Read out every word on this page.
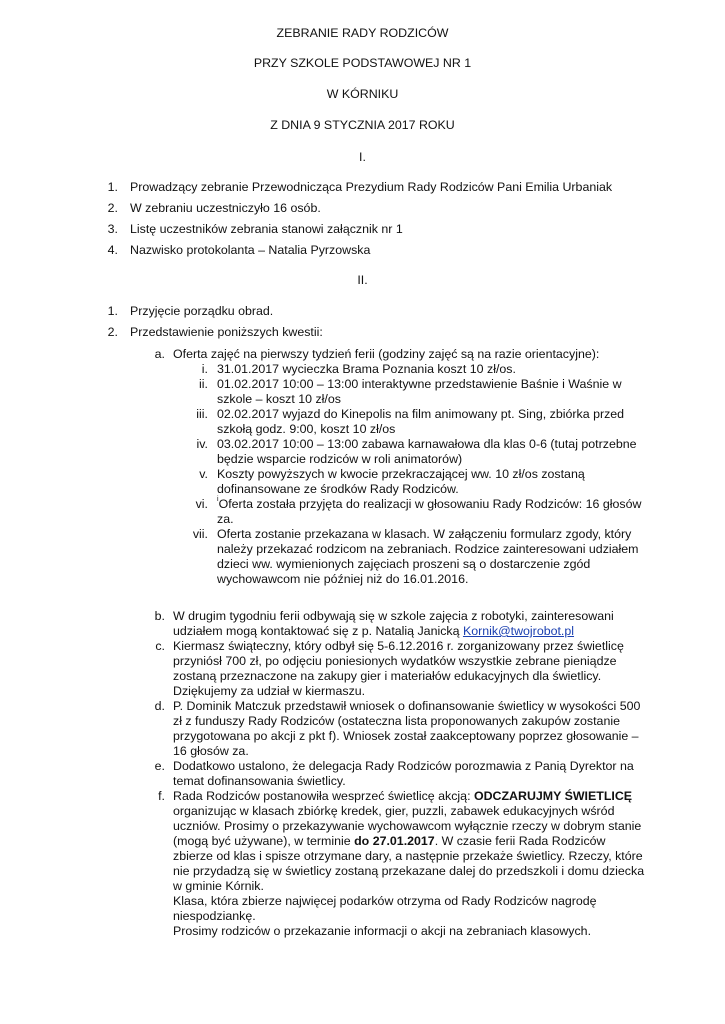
ZEBRANIE RADY RODZICÓW
PRZY SZKOLE PODSTAWOWEJ NR 1
W KÓRNIKU
Z DNIA 9 STYCZNIA 2017 ROKU
I.
1. Prowadzący zebranie Przewodnicząca Prezydium Rady Rodziców Pani Emilia Urbaniak
2. W zebraniu uczestniczyło 16 osób.
3. Listę uczestników zebrania stanowi załącznik nr 1
4. Nazwisko protokolanta – Natalia Pyrzowska
II.
1. Przyjęcie porządku obrad.
2. Przedstawienie poniższych kwestii:
a. Oferta zajęć na pierwszy tydzień ferii (godziny zajęć są na razie orientacyjne):
i. 31.01.2017 wycieczka Brama Poznania koszt 10 zł/os.
ii. 01.02.2017 10:00 – 13:00 interaktywne przedstawienie Baśnie i Waśnie w
szkole – koszt 10 zł/os
iii. 02.02.2017 wyjazd do Kinepolis na film animowany pt. Sing, zbiórka przed
szkołą godz. 9:00, koszt 10 zł/os
iv. 03.02.2017 10:00 – 13:00 zabawa karnawałowa dla klas 0-6 (tutaj potrzebne
będzie wsparcie rodziców w roli animatorów)
v. Koszty powyższych w kwocie przekraczającej ww. 10 zł/os zostaną
dofinansowane ze środków Rady Rodziców.
vi. $^i$Oferta została przyjęta do realizacji w głosowaniu Rady Rodziców: 16 głosów
za.
vii. Oferta zostanie przekazana w klasach. W załączeniu formularz zgody, który
należy przekazać rodzicom na zebraniach. Rodzice zainteresowani udziałem
dzieci ww. wymienionych zajęciach proszeni są o dostarczenie zgód
wychowawcom nie później niż do 16.01.2016.
b. W drugim tygodniu ferii odbywają się w szkole zajęcia z robotyki, zainteresowani
udziałem mogą kontaktować się z p. Natalią Janicką Kornik@twojrobot.pl
c. Kiermasz świąteczny, który odbył się 5-6.12.2016 r. zorganizowany przez świetlicę
przyniósł 700 zł, po odjęciu poniesionych wydatków wszystkie zebrane pieniądze
zostaną przeznaczone na zakupy gier i materiałów edukacyjnych dla świetlicy.
Dziękujemy za udział w kiermaszu.
d. P. Dominik Matczuk przedstawił wniosek o dofinansowanie świetlicy w wysokości 500
zł z funduszy Rady Rodziców (ostateczna lista proponowanych zakupów zostanie
przygotowana po akcji z pkt f). Wniosek został zaakceptowany poprzez głosowanie –
16 głosów za.
e. Dodatkowo ustalono, że delegacja Rady Rodziców porozmawia z Panią Dyrektor na
temat dofinansowania świetlicy.
f. Rada Rodziców postanowiła wesprzeć świetlicę akcją: ODCZARUJMY ŚWIETLICĘ
organizując w klasach zbiórkę kredek, gier, puzzli, zabawek edukacyjnych wśród
uczniów. Prosimy o przekazywanie wychowawcom wyłącznie rzeczy w dobrym stanie
(mogą być używane), w terminie do 27.01.2017. W czasie ferii Rada Rodziców
zbierze od klas i spisze otrzymane dary, a następnie przekaże świetlicy. Rzeczy, które
nie przydadzą się w świetlicy zostaną przekazane dalej do przedszkoli i domu dziecka
w gminie Kórnik.
Klasa, która zbierze najwięcej podarków otrzyma od Rady Rodziców nagrodę
niespodziankę.
Prosimy rodziców o przekazanie informacji o akcji na zebraniach klasowych.
